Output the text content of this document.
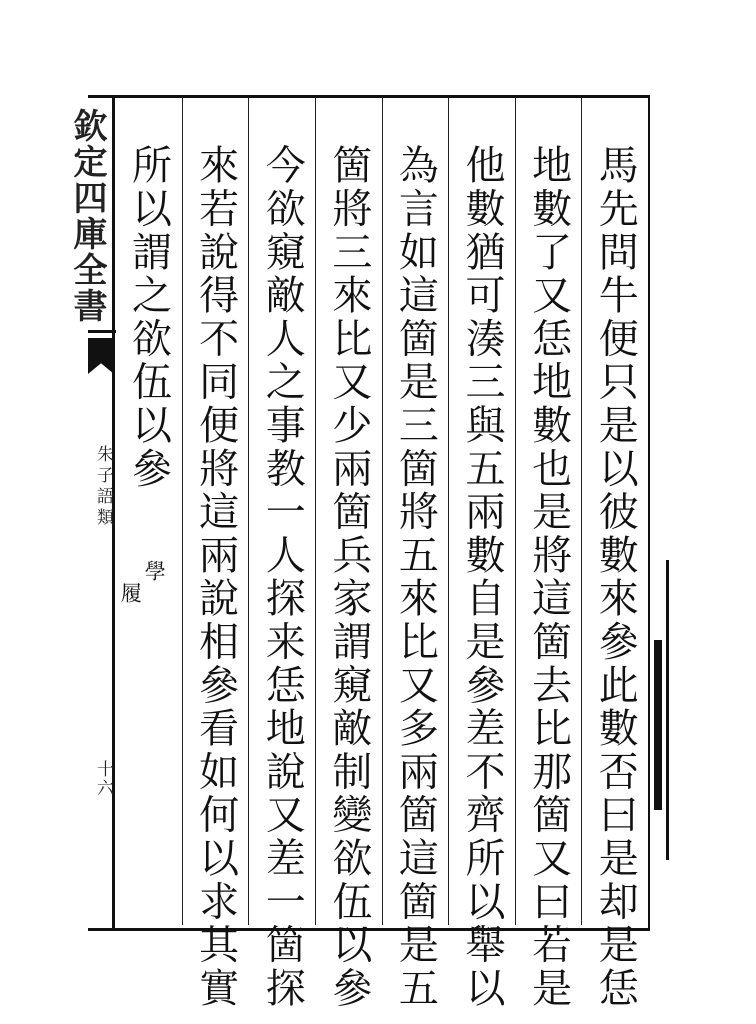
欽定四庫全書
朱子語類
十六	馬先問牛便只是以彼數來參此數否曰是却是恁
地數了又恁地數也是將這箇去比那箇又曰若是
他數猶可湊三與五兩數自是參差不齊所以舉以
為言如這箇是三箇將五來比又多兩箇這箇是五
箇將三來比又少兩箇兵家謂窺敵制變欲伍以參
今欲窺敵人之事教一人探来恁地說又差一箇探
來若說得不同便將這兩說相參看如何以求其實
所以謂之欲伍以參
學
履
